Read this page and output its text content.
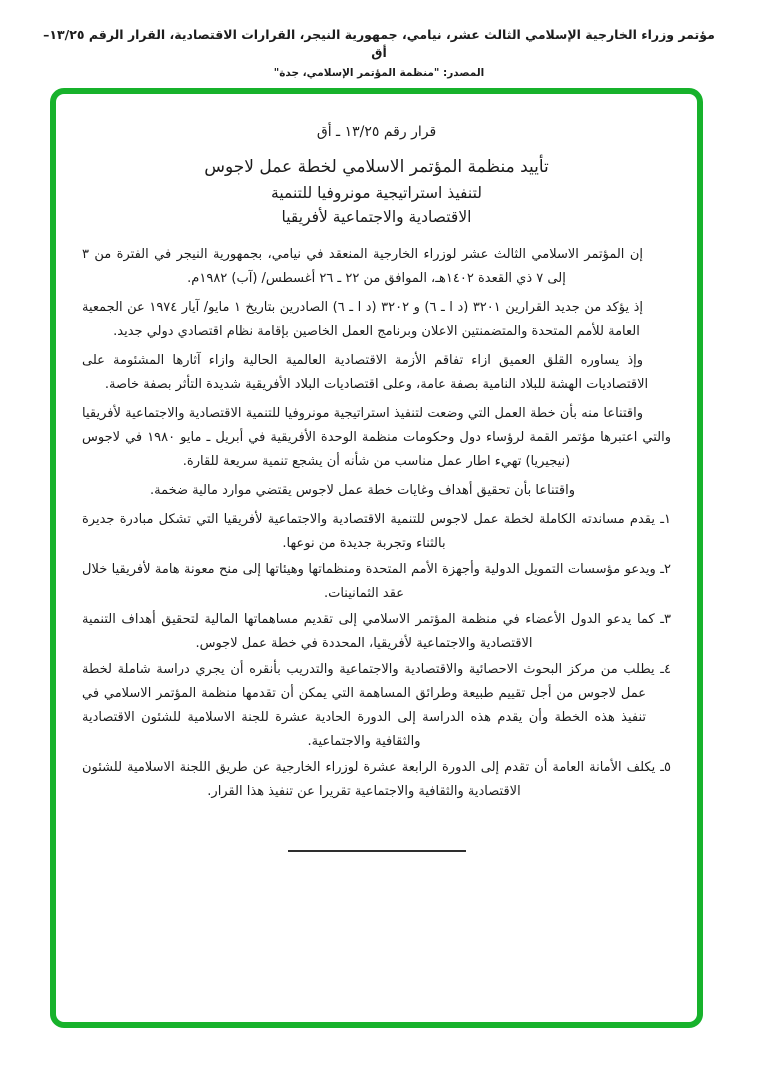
مؤتمر وزراء الخارجية الإسلامي الثالث عشر، نيامي، جمهورية النيجر، القرارات الاقتصادية، القرار الرقم ١٣/٢٥– أق
المصدر: "منظمة المؤتمر الإسلامي، جدة"
قرار رقم ١٣/٢٥ ـ أق
تأييد منظمة المؤتمر الاسلامي لخطة عمل لاجوس
لتنفيذ استراتيجية مونروفيا للتنمية
الاقتصادية والاجتماعية لأفريقيا

إن المؤتمر الاسلامي الثالث عشر لوزراء الخارجية المنعقد في نيامي، بجمهورية النيجر في الفترة من ٣ إلى ٧ ذي القعدة ١٤٠٢هـ، الموافق من ٢٢ ـ ٢٦ أغسطس/ (آب) ١٩٨٢م.

إذ يؤكد من جديد القرارين ٣٢٠١ (د ا ـ ٦) و ٣٢٠٢ (د ا ـ ٦) الصادرين بتاريخ ١ مايو/ آيار ١٩٧٤ عن الجمعية العامة للأمم المتحدة والمتضمنتين الاعلان وبرنامج العمل الخاصين بإقامة نظام اقتصادي دولي جديد.

وإذ يساوره القلق العميق ازاء تفاقم الأزمة الاقتصادية العالمية الحالية وازاء آثارها المشئومة على الاقتصاديات الهشة للبلاد النامية بصفة عامة، وعلى اقتصاديات البلاد الأفريقية شديدة التأثر بصفة خاصة.

واقتناعا منه بأن خطة العمل التي وضعت لتنفيذ استراتيجية مونروفيا للتنمية الاقتصادية والاجتماعية لأفريقيا والتي اعتبرها مؤتمر القمة لرؤساء دول وحكومات منظمة الوحدة الأفريقية في أبريل ـ مايو ١٩٨٠ في لاجوس (نيجيريا) تهيء اطار عمل مناسب من شأنه أن يشجع تنمية سريعة للقارة.

واقتناعا بأن تحقيق أهداف وغايات خطة عمل لاجوس يقتضي موارد مالية ضخمة.

١ـ يقدم مساندته الكاملة لخطة عمل لاجوس للتنمية الاقتصادية والاجتماعية لأفريقيا التي تشكل مبادرة جديرة بالثناء وتجربة جديدة من نوعها.
٢ـ ويدعو مؤسسات التمويل الدولية وأجهزة الأمم المتحدة ومنظماتها وهيئاتها إلى منح معونة هامة لأفريقيا خلال عقد الثمانينات.
٣ـ كما يدعو الدول الأعضاء في منظمة المؤتمر الاسلامي إلى تقديم مساهماتها المالية لتحقيق أهداف التنمية الاقتصادية والاجتماعية لأفريقيا، المحددة في خطة عمل لاجوس.
٤ـ يطلب من مركز البحوث الاحصائية والاقتصادية والاجتماعية والتدريب بأنقره أن يجري دراسة شاملة لخطة عمل لاجوس من أجل تقييم طبيعة وطرائق المساهمة التي يمكن أن تقدمها منظمة المؤتمر الاسلامي في تنفيذ هذه الخطة وأن يقدم هذه الدراسة إلى الدورة الحادية عشرة للجنة الاسلامية للشئون الاقتصادية والثقافية والاجتماعية.
٥ـ يكلف الأمانة العامة أن تقدم إلى الدورة الرابعة عشرة لوزراء الخارجية عن طريق اللجنة الاسلامية للشئون الاقتصادية والثقافية والاجتماعية تقريرا عن تنفيذ هذا القرار.
